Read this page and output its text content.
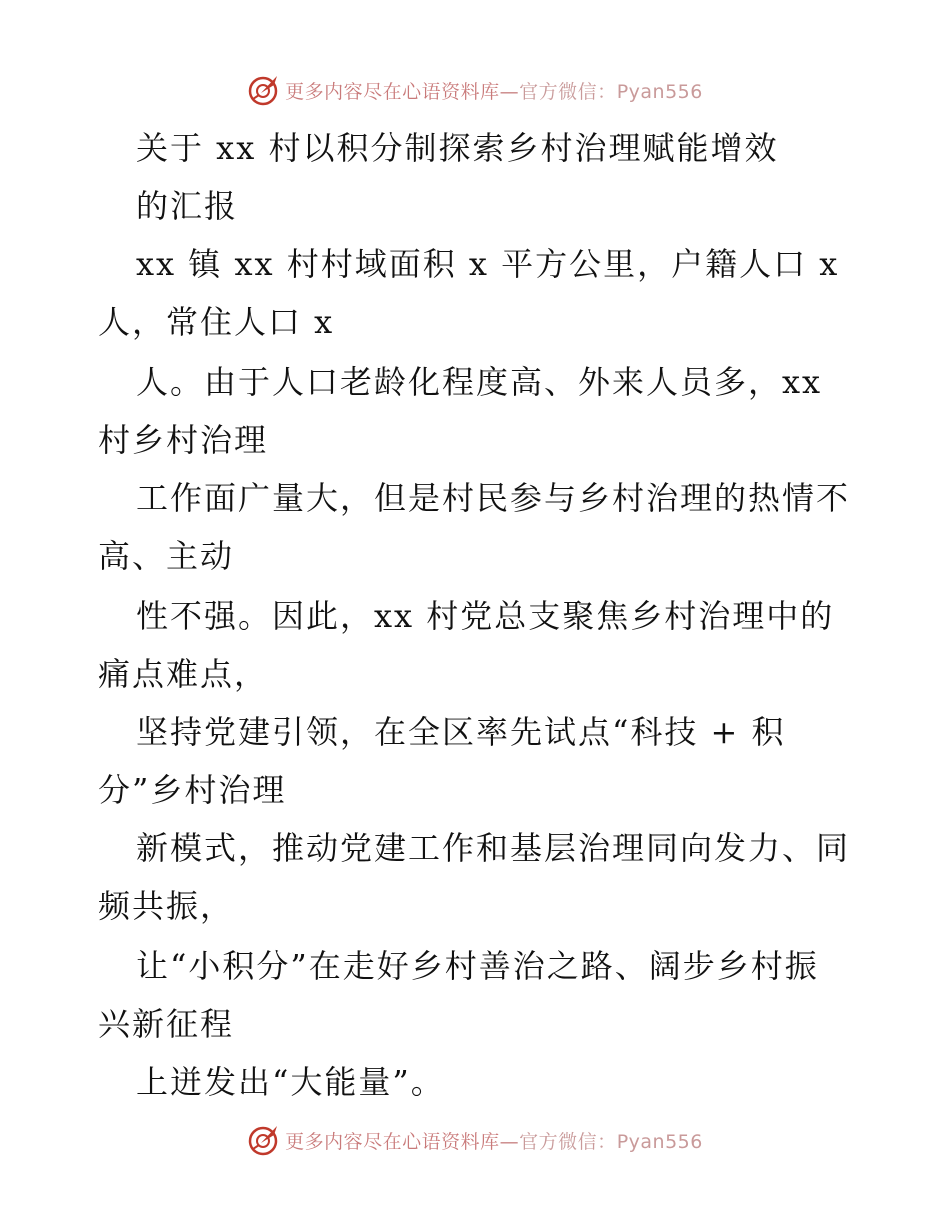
更多内容尽在心语资料库—官方微信：Pyan556
关于 xx 村以积分制探索乡村治理赋能增效
的汇报
xx 镇 xx 村村域面积 x 平方公里，户籍人口 x
人，常住人口 x
人。由于人口老龄化程度高、外来人员多，xx
村乡村治理
工作面广量大，但是村民参与乡村治理的热情不
高、主动
性不强。因此，xx 村党总支聚焦乡村治理中的
痛点难点，
坚持党建引领，在全区率先试点“科技 + 积
分”乡村治理
新模式，推动党建工作和基层治理同向发力、同
频共振，
让“小积分”在走好乡村善治之路、阔步乡村振
兴新征程
上迸发出“大能量”。
更多内容尽在心语资料库—官方微信：Pyan556
